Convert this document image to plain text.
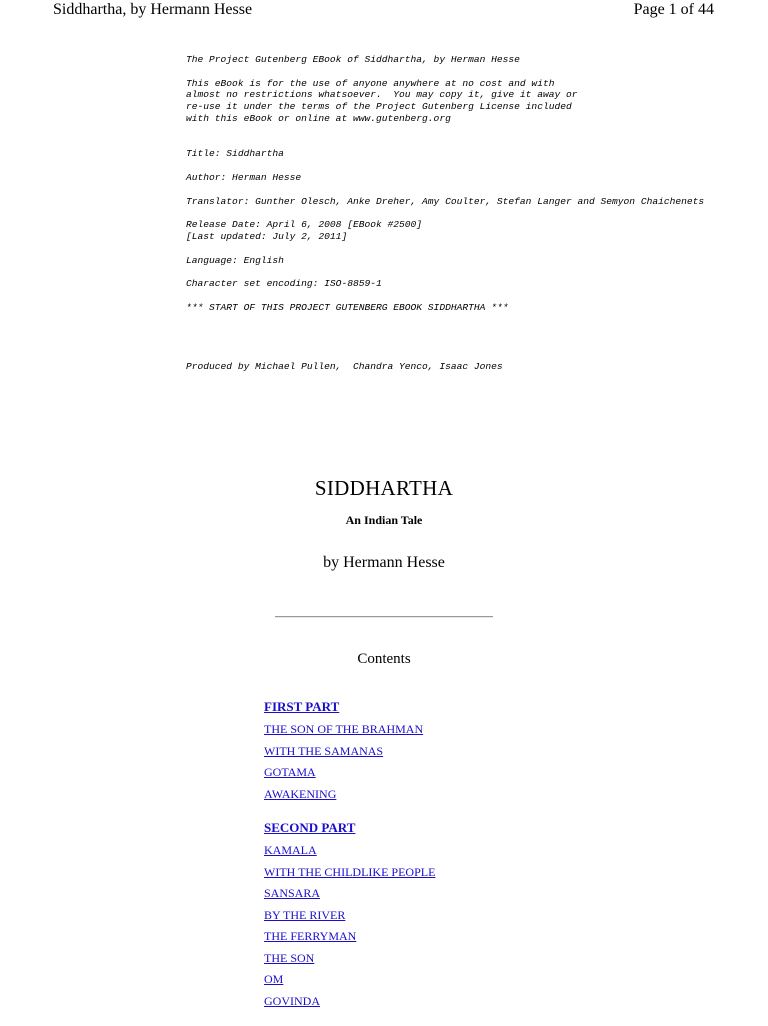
Siddhartha, by Hermann Hesse	Page 1 of 44
The Project Gutenberg EBook of Siddhartha, by Herman Hesse
This eBook is for the use of anyone anywhere at no cost and with
almost no restrictions whatsoever.  You may copy it, give it away or
re-use it under the terms of the Project Gutenberg License included
with this eBook or online at www.gutenberg.org
Title: Siddhartha
Author: Herman Hesse
Translator: Gunther Olesch, Anke Dreher, Amy Coulter, Stefan Langer and Semyon Chaichenets
Release Date: April 6, 2008 [EBook #2500]
[Last updated: July 2, 2011]
Language: English
Character set encoding: ISO-8859-1
*** START OF THIS PROJECT GUTENBERG EBOOK SIDDHARTHA ***
Produced by Michael Pullen,  Chandra Yenco, Isaac Jones
SIDDHARTHA
An Indian Tale
by Hermann Hesse
Contents
FIRST PART
THE SON OF THE BRAHMAN
WITH THE SAMANAS
GOTAMA
AWAKENING
SECOND PART
KAMALA
WITH THE CHILDLIKE PEOPLE
SANSARA
BY THE RIVER
THE FERRYMAN
THE SON
OM
GOVINDA
